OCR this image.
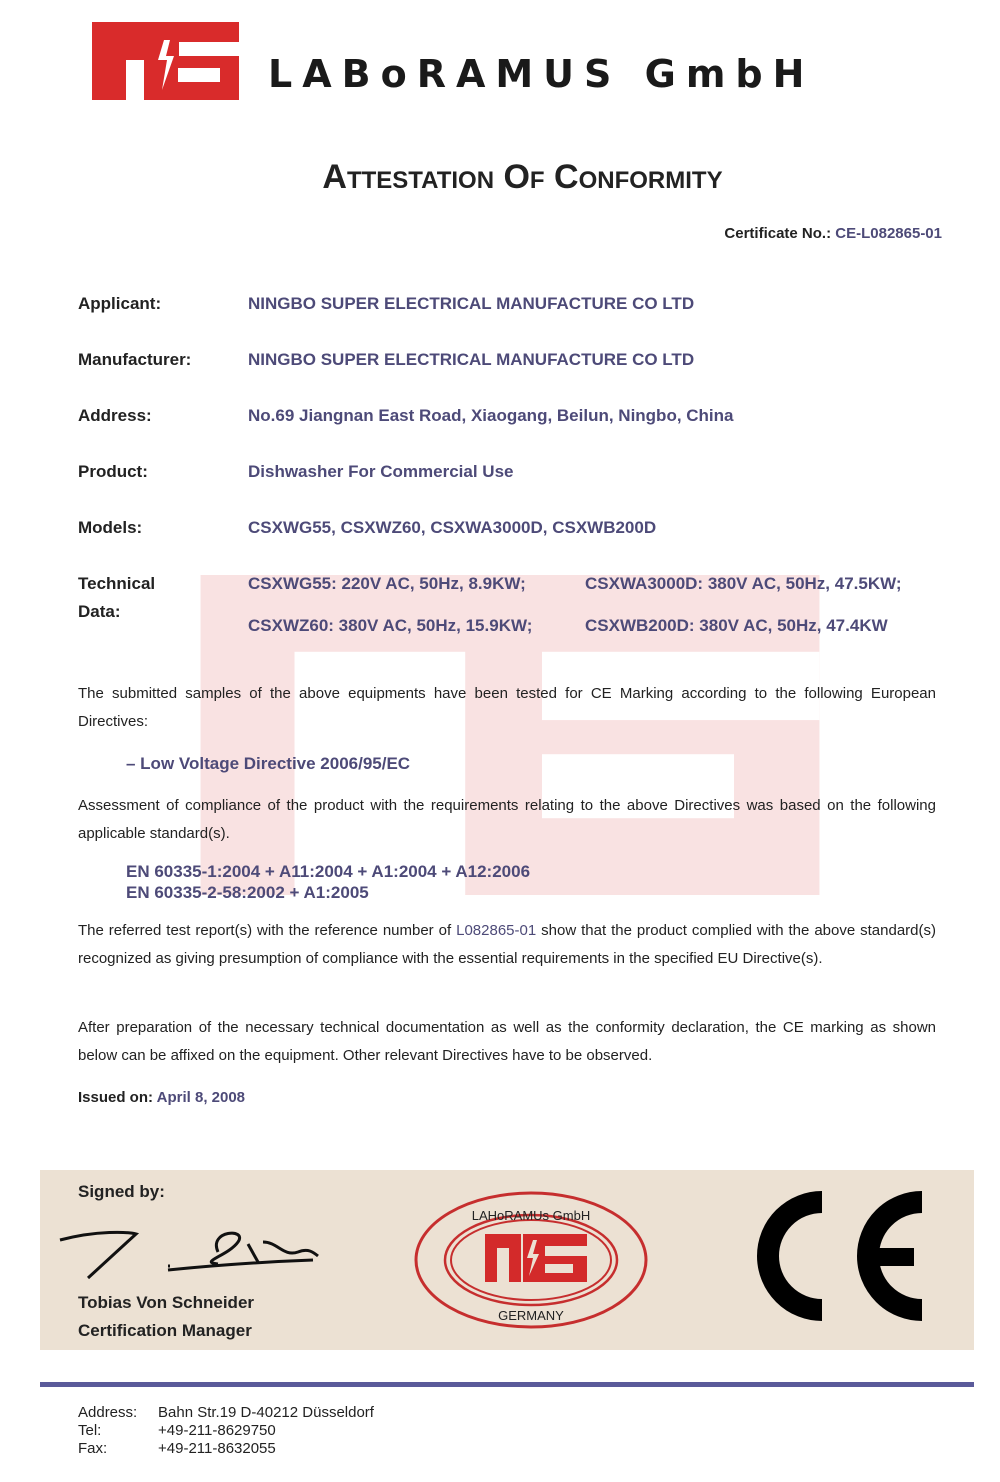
LABoRAMUS GmbH
Attestation Of Conformity
Certificate No.: CE-L082865-01
Applicant:	NINGBO SUPER ELECTRICAL MANUFACTURE CO LTD
Manufacturer:	NINGBO SUPER ELECTRICAL MANUFACTURE CO LTD
Address:	No.69 Jiangnan East Road, Xiaogang, Beilun, Ningbo, China
Product:	Dishwasher For Commercial Use
Models:	CSXWG55, CSXWZ60, CSXWA3000D, CSXWB200D
Technical
Data:
CSXWG55: 220V AC, 50Hz, 8.9KW;	CSXWA3000D: 380V AC, 50Hz, 47.5KW;
CSXWZ60: 380V AC, 50Hz, 15.9KW;	CSXWB200D: 380V AC, 50Hz, 47.4KW
The submitted samples of the above equipments have been tested for CE Marking according to the following European Directives:
– Low Voltage Directive 2006/95/EC
Assessment of compliance of the product with the requirements relating to the above Directives was based on the following applicable standard(s).
EN 60335-1:2004 + A11:2004 + A1:2004 + A12:2006
EN 60335-2-58:2002 + A1:2005
The referred test report(s) with the reference number of L082865-01 show that the product complied with the above standard(s) recognized as giving presumption of compliance with the essential requirements in the specified EU Directive(s).
After preparation of the necessary technical documentation as well as the conformity declaration, the CE marking as shown below can be affixed on the equipment. Other relevant Directives have to be observed.
Issued on: April 8, 2008
Signed by:
Tobias Von Schneider
Certification Manager
LAHoRAMUs GmbH
GERMANY
Address: Bahn Str.19 D-40212 Düsseldorf
Tel:	+49-211-8629750
Fax:	+49-211-8632055
